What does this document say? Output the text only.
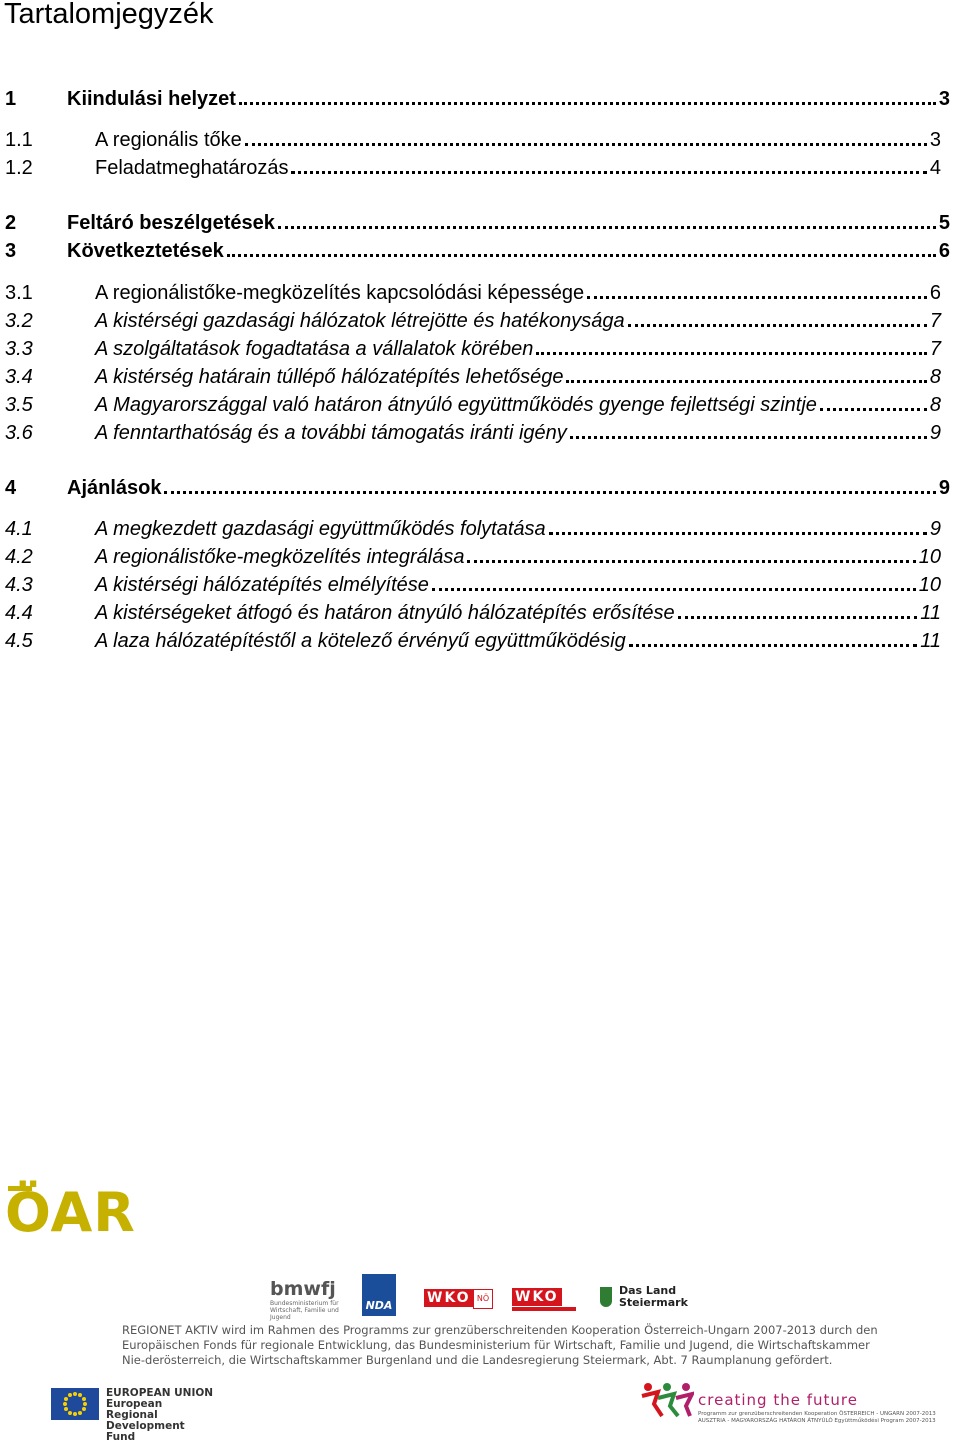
Tartalomjegyzék
1	Kiindulási helyzet	3
1.1	A regionális tőke	3
1.2	Feladatmeghatározás	4
2	Feltáró beszélgetések	5
3	Következtetések	6
3.1	A regionálistőke-megközelítés kapcsolódási képessége	6
3.2	A kistérségi gazdasági hálózatok létrejötte és hatékonysága	7
3.3	A szolgáltatások fogadtatása a vállalatok körében	7
3.4	A kistérség határain túllépő hálózatépítés lehetősége	8
3.5	A Magyarországgal való határon átnyúló együttműködés gyenge fejlettségi szintje	8
3.6	A fenntarthatóság és a további támogatás iránti igény	9
4	Ajánlások	9
4.1	A megkezdett gazdasági együttműködés folytatása	9
4.2	A regionálistőke-megközelítés integrálása	10
4.3	A kistérségi hálózatépítés elmélyítése	10
4.4	A kistérségeket átfogó és határon átnyúló hálózatépítés erősítése	11
4.5	A laza hálózatépítéstől a kötelező érvényű együttműködésig	11
ÖAR
bmwfj
Bundesministerium für Wirtschaft, Familie und Jugend
NDA WKO NÖ WKO	Das Land Steiermark
REGIONET AKTIV wird im Rahmen des Programms zur grenzüberschreitenden Kooperation Österreich-Ungarn 2007-2013 durch den Europäischen Fonds für regionale Entwicklung, das Bundesministerium für Wirtschaft, Familie und Jugend, die Wirtschaftskammer Nie-derösterreich, die Wirtschaftskammer Burgenland und die Landesregierung Steiermark, Abt. 7 Raumplanung gefördert.
EUROPEAN UNION
European Regional
Development Fund
creating the future
Programm zur grenzüberschreitenden Kooperation ÖSTERREICH - UNGARN 2007-2013
AUSZTRIA - MAGYARORSZÁG HATÁRON ÁTNYÚLÓ Együttműködési Program 2007-2013
